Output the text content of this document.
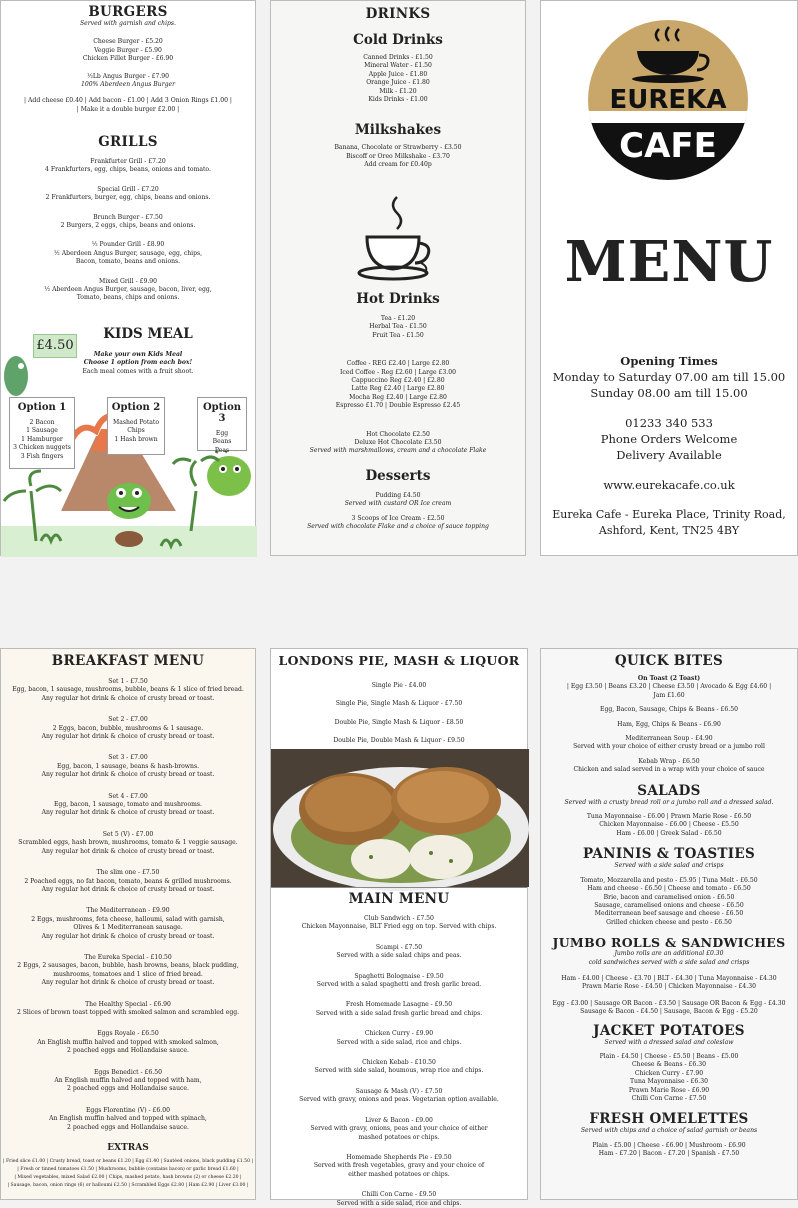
BURGERS

Served with garnish and chips.

Cheese Burger - £5.20

Veggie Burger - £5.90

Chicken Fillet Burger - £6.90

½Lb Angus Burger - £7.90

100% Aberdeen Angus Burger

| Add cheese £0.40 | Add bacon - £1.00 | Add 3 Onion Rings £1.00 |

| Make it a double burger £2.00 |

GRILLS

Frankfurter Grill - £7.20

4 Frankfurters, egg, chips, beans, onions and tomato.

Special Grill - £7.20

2 Frankfurters, burger, egg, chips, beans and onions.

Brunch Burger - £7.50

2 Burgers, 2 eggs, chips, beans and onions.

½ Pounder Grill - £8.90

½ Aberdeen Angus Burger, sausage, egg, chips,

Bacon, tomato, beans and onions.

Mixed Grill - £9.90

½ Aberdeen Angus Burger, sausage, bacon, liver, egg,

Tomato, beans, chips and onions.

£4.50

KIDS MEAL

Make your own Kids Meal

Choose 1 option from each box!

Each meal comes with a fruit shoot.

Option 1

2 Bacon

1 Sausage

1 Hamburger

3 Chicken nuggets

3 Fish fingers

Option 2

Mashed Potato

Chips

1 Hash brown

Option 3

Egg

Beans

Peas

DRINKS

Cold Drinks

Canned Drinks - £1.50

Mineral Water - £1.50

Apple Juice - £1.80

Orange Juice - £1.80

Milk - £1.20

Kids Drinks - £1.00

Milkshakes

Banana, Chocolate or Strawberry - £3.50

Biscoff or Oreo Milkshake - £3.70

Add cream for £0.40p

Hot Drinks

Tea - £1.20

Herbal Tea - £1.50

Fruit Tea - £1.50

Coffee - REG £2.40 | Large £2.80

Iced Coffee - Reg £2.60 | Large £3.00

Cappuccino Reg £2.40 | £2.80

Latte Reg £2.40 | Large £2.80

Mocha Reg £2.40 | Large £2.80

Espresso £1.70 | Double Espresso £2.45

Hot Chocolate £2.50

Deluxe Hot Chocolate £3.50

Served with marshmallows, cream and a chocolate Flake

Desserts

Pudding £4.50

Served with custard OR Ice cream

3 Scoops of Ice Cream - £2.50

Served with chocolate Flake and a choice of sauce topping

EUREKA
CAFE
MENU

Opening Times

Monday to Saturday 07.00 am till 15.00

Sunday 08.00 am till 15.00

01233 340 533

Phone Orders Welcome

Delivery Available

www.eurekacafe.co.uk

Eureka Cafe - Eureka Place, Trinity Road,

Ashford, Kent, TN25 4BY

BREAKFAST MENU

Set 1 - £7.50

Egg, bacon, 1 sausage, mushrooms, bubble, beans & 1 slice of fried bread.

Any regular hot drink & choice of crusty bread or toast.

Set 2 - £7.00

2 Eggs, bacon, bubble, mushrooms & 1 sausage.

Any regular hot drink & choice of crusty bread or toast.

Set 3 - £7.00

Egg, bacon, 1 sausage, beans & hash-browns.

Any regular hot drink & choice of crusty bread or toast.

Set 4 - £7.00

Egg, bacon, 1 sausage, tomato and mushrooms.

Any regular hot drink & choice of crusty bread or toast.

Set 5 (V) - £7.00

Scrambled eggs, hash brown, mushrooms, tomato & 1 veggie sausage.

Any regular hot drink & choice of crusty bread or toast.

The slim one - £7.50

2 Poached eggs, no fat bacon, tomato, beans & grilled mushrooms.

Any regular hot drink & choice of crusty bread or toast.

The Mediterranean - £9.90

2 Eggs, mushrooms, feta cheese, halloumi, salad with garnish,

Olives & 1 Mediterranean sausage.

Any regular hot drink & choice of crusty bread or toast.

The Eureka Special - £10.50

2 Eggs, 2 sausages, bacon, bubble, hash browns, beans, black pudding,

mushrooms, tomatoes and 1 slice of fried bread.

Any regular hot drink & choice of crusty bread or toast.

The Healthy Special - £6.90

2 Slices of brown toast topped with smoked salmon and scrambled egg.

Eggs Royale - £6.50

An English muffin halved and topped with smoked salmon,

2 poached eggs and Hollandaise sauce.

Eggs Benedict - £6.50

An English muffin halved and topped with ham,

2 poached eggs and Hollandaise sauce.

Eggs Florentine (V) - £6.00

An English muffin halved and topped with spinach,

2 poached eggs and Hollandaise sauce.

EXTRAS

| Fried slice £1.00 | Crusty bread, toast or beans £1.20 | Egg £1.40 | Sautéed onions, black pudding £1.50 |

| Fresh or tinned tomatoes £1.50 | Mushrooms, bubble (contains bacon) or garlic bread £1.60 |

| Mixed vegetables, mixed Salad £2.00 | Chips, mashed potato, hash browns (2) or cheese £2.20 |

| Sausage, bacon, onion rings (6) or halloumi £2.50 | Scrambled Eggs £2.80 | Ham £2.90 | Liver £3.00 |

LONDONS PIE, MASH & LIQUOR

Single Pie - £4.00

Single Pie, Single Mash & Liquor - £7.50

Double Pie, Single Mash & Liquor - £8.50

Double Pie, Double Mash & Liquor - £9.50

MAIN MENU

Club Sandwich - £7.50

Chicken Mayonnaise, BLT Fried egg on top. Served with chips.

Scampi - £7.50

Served with a side salad chips and peas.

Spaghetti Bolognaise - £9.50

Served with a salad spaghetti and fresh garlic bread.

Fresh Homemade Lasagne - £9.50

Served with a side salad fresh garlic bread and chips.

Chicken Curry - £9.90

Served with a side salad, rice and chips.

Chicken Kebab - £10.50

Served with side salad, houmous, wrap rice and chips.

Sausage & Mash (V) - £7.50

Served with gravy, onions and peas. Vegetarian option available.

Liver & Bacon - £9.00

Served with gravy, onions, peas and your choice of either

mashed potatoes or chips.

Homemade Shepherds Pie - £9.50

Served with fresh vegetables, gravy and your choice of

either mashed potatoes or chips.

Chilli Con Carne - £9.50

Served with a side salad, rice and chips.

QUICK BITES

On Toast (2 Toast)

| Egg £3.50 | Beans £3.20 | Cheese £3.50 | Avocado & Egg £4.60 |

Jam £1.60

Egg, Bacon, Sausage, Chips & Beans - £6.50

Ham, Egg, Chips & Beans - £6.90

Mediterranean Soup - £4.90

Served with your choice of either crusty bread or a jumbo roll

Kebab Wrap - £6.50

Chicken and salad served in a wrap with your choice of sauce

SALADS

Served with a crusty bread roll or a jumbo roll and a dressed salad.

Tuna Mayonnaise - £6.00 | Prawn Marie Rose - £6.50

Chicken Mayonnaise - £6.00 | Cheese - £5.50

Ham - £6.00 | Greek Salad - £6.50

PANINIS & TOASTIES

Served with a side salad and crisps

Tomato, Mozzarella and pesto - £5.95 | Tuna Melt - £6.50

Ham and cheese - £6.50 | Cheese and tomato - £6.50

Brie, bacon and caramelised onion - £6.50

Sausage, caramelised onions and cheese - £6.50

Mediterranean beef sausage and cheese - £6.50

Grilled chicken cheese and pesto - £6.50

JUMBO ROLLS & SANDWICHES

Jumbo rolls are an additional £0.30

cold sandwiches served with a side salad and crisps

Ham - £4.00 | Cheese - £3.70 | BLT - £4.30 | Tuna Mayonnaise - £4.30

Prawn Marie Rose - £4.50 | Chicken Mayonnaise - £4.30

Egg - £3.00 | Sausage OR Bacon - £3.50 | Sausage OR Bacon & Egg - £4.30

Sausage & Bacon - £4.50 | Sausage, Bacon & Egg - £5.20

JACKET POTATOES

Served with a dressed salad and coleslaw

Plain - £4.50 | Cheese - £5.50 | Beans - £5.00

Cheese & Beans - £6.30

Chicken Curry - £7.90

Tuna Mayonnaise - £6.30

Prawn Marie Rose - £6.90

Chilli Con Carne - £7.50

FRESH OMELETTES

Served with chips and a choice of salad garnish or beans

Plain - £5.00 | Cheese - £6.90 | Mushroom - £6.90

Ham - £7.20 | Bacon - £7.20 | Spanish - £7.50
